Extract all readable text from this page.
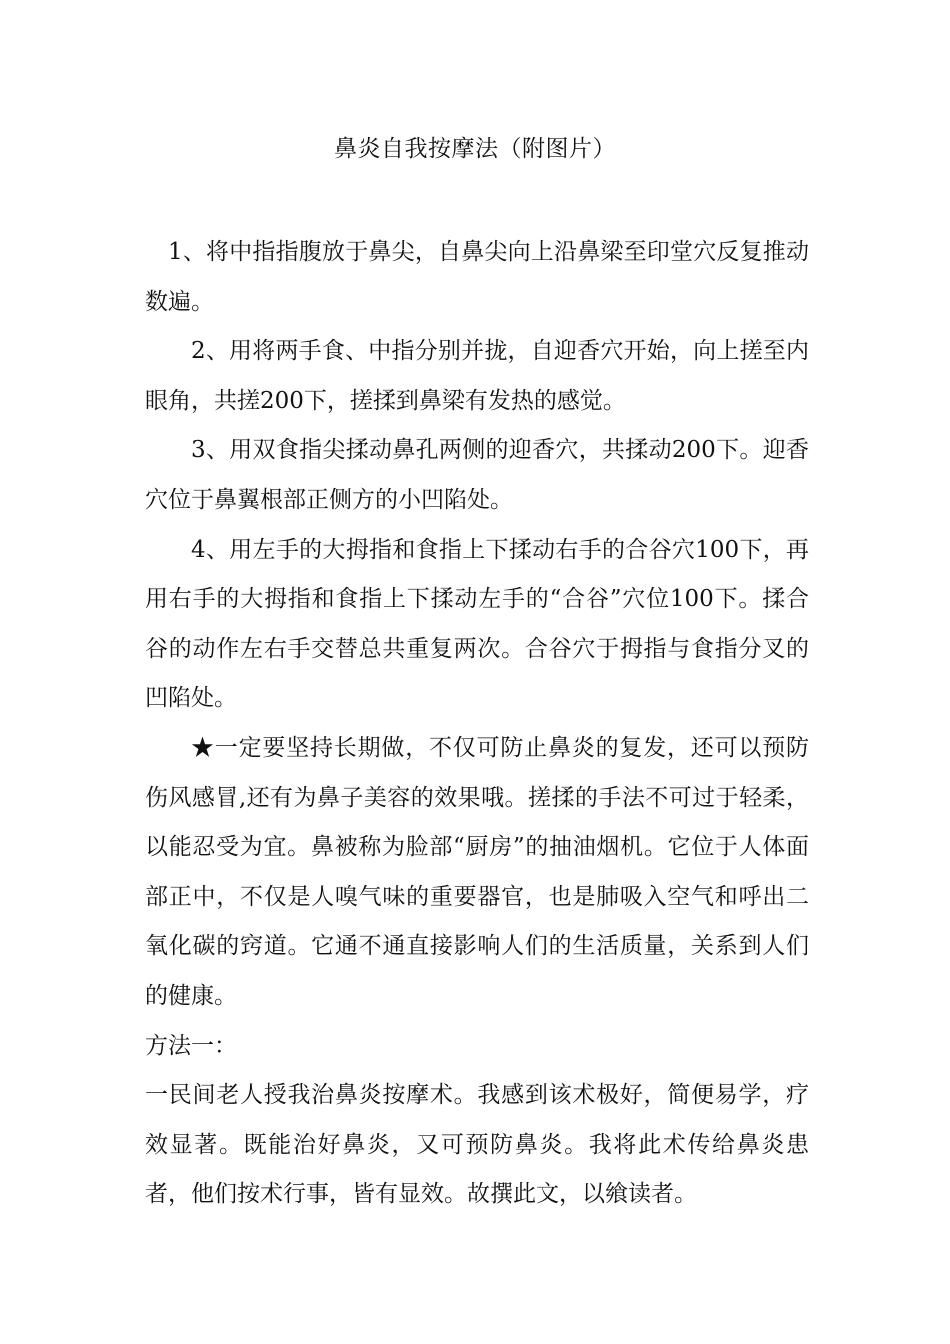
鼻炎自我按摩法（附图片）

1、将中指指腹放于鼻尖，自鼻尖向上沿鼻梁至印堂穴反复推动数遍。

2、用将两手食、中指分别并拢，自迎香穴开始，向上搓至内眼角，共搓200下，搓揉到鼻梁有发热的感觉。

3、用双食指尖揉动鼻孔两侧的迎香穴，共揉动200下。迎香穴位于鼻翼根部正侧方的小凹陷处。

4、用左手的大拇指和食指上下揉动右手的合谷穴100下，再用右手的大拇指和食指上下揉动左手的“合谷”穴位100下。揉合谷的动作左右手交替总共重复两次。合谷穴于拇指与食指分叉的凹陷处。

★一定要坚持长期做，不仅可防止鼻炎的复发，还可以预防伤风感冒,还有为鼻子美容的效果哦。搓揉的手法不可过于轻柔，以能忍受为宜。鼻被称为脸部“厨房”的抽油烟机。它位于人体面部正中，不仅是人嗅气味的重要器官，也是肺吸入空气和呼出二氧化碳的窍道。它通不通直接影响人们的生活质量，关系到人们的健康。

方法一：

一民间老人授我治鼻炎按摩术。我感到该术极好，简便易学，疗效显著。既能治好鼻炎，又可预防鼻炎。我将此术传给鼻炎患者，他们按术行事，皆有显效。故撰此文，以飨读者。
